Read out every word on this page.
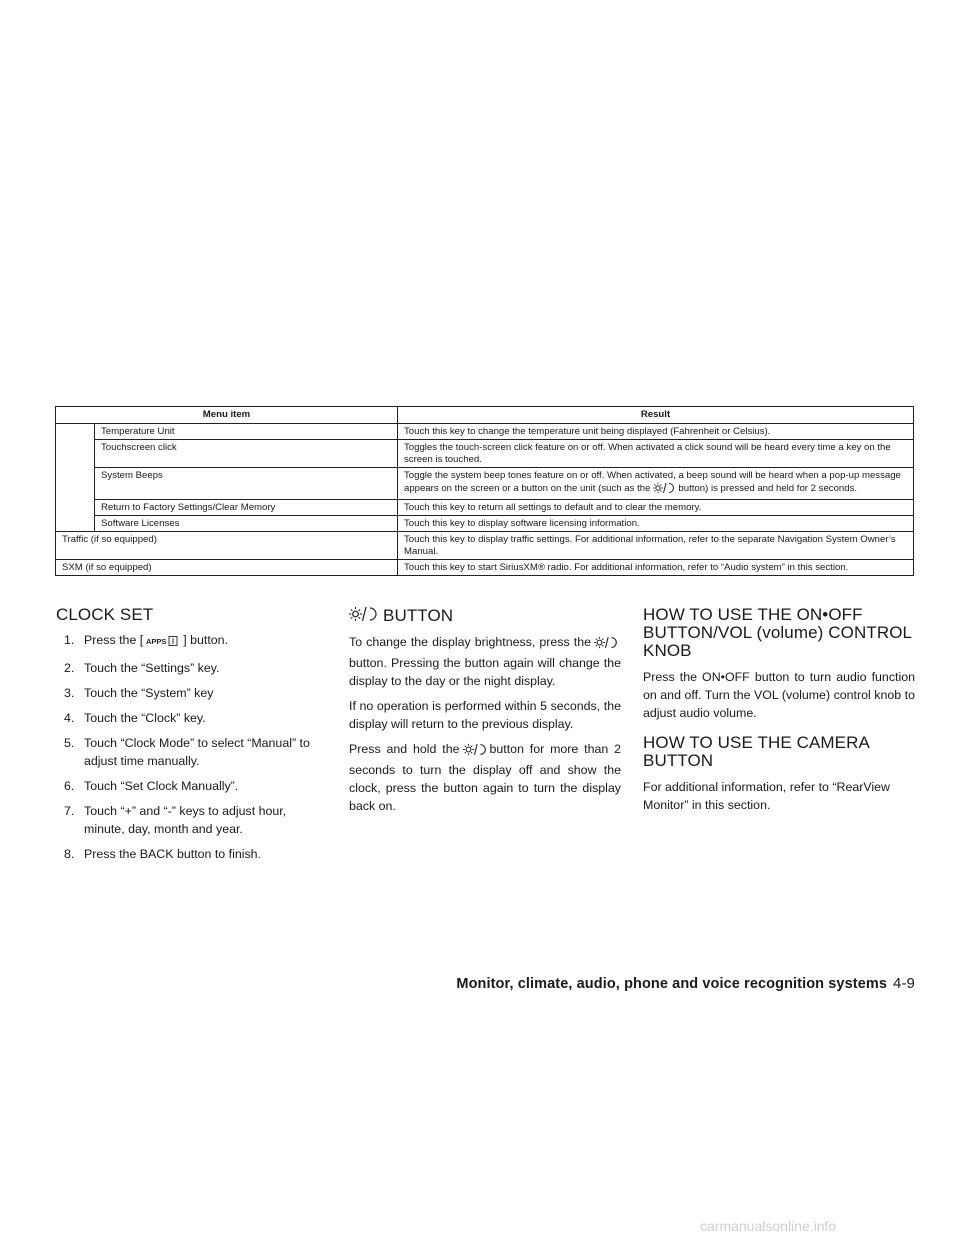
Menu item		Result
	Temperature Unit	Touch this key to change the temperature unit being displayed (Fahrenheit or Celsius).
	Touchscreen click	Toggles the touch-screen click feature on or off. When activated a click sound will be heard every time a key on the screen is touched.
	System Beeps	Toggle the system beep tones feature on or off. When activated, a beep sound will be heard when a pop-up message appears on the screen or a button on the unit (such as the button) is pressed and held for 2 seconds.
	Return to Factory Settings/Clear Memory	Touch this key to return all settings to default and to clear the memory.
	Software Licenses	Touch this key to display software licensing information.
Traffic (if so equipped)		Touch this key to display traffic settings. For additional information, refer to the separate Navigation System Owner’s Manual.
SXM (if so equipped)		Touch this key to start SiriusXM® radio. For additional information, refer to “Audio system” in this section.
CLOCK SET
1. Press the [ APPS ] button.
2. Touch the “Settings” key.
3. Touch the “System” key
4. Touch the “Clock” key.
5. Touch “Clock Mode” to select “Manual” to adjust time manually.
6. Touch “Set Clock Manually”.
7. Touch “+” and “-” keys to adjust hour, minute, day, month and year.
8. Press the BACK button to finish.
BUTTON

To change the display brightness, press thebutton. Pressing the button again will change the display to the day or the night display.

If no operation is performed within 5 seconds, the display will return to the previous display.

Press and hold the button for more than 2 seconds to turn the display off and show the clock, press the button again to turn the display back on.

HOW TO USE THE ON•OFF BUTTON/VOL (volume) CONTROL KNOB

Press the ON•OFF button to turn audio function on and off. Turn the VOL (volume) control knob to adjust audio volume.

HOW TO USE THE CAMERA BUTTON

For additional information, refer to “RearView Monitor” in this section.

Monitor, climate, audio, phone and voice recognition systems 4-9
carmanualsonline.info
